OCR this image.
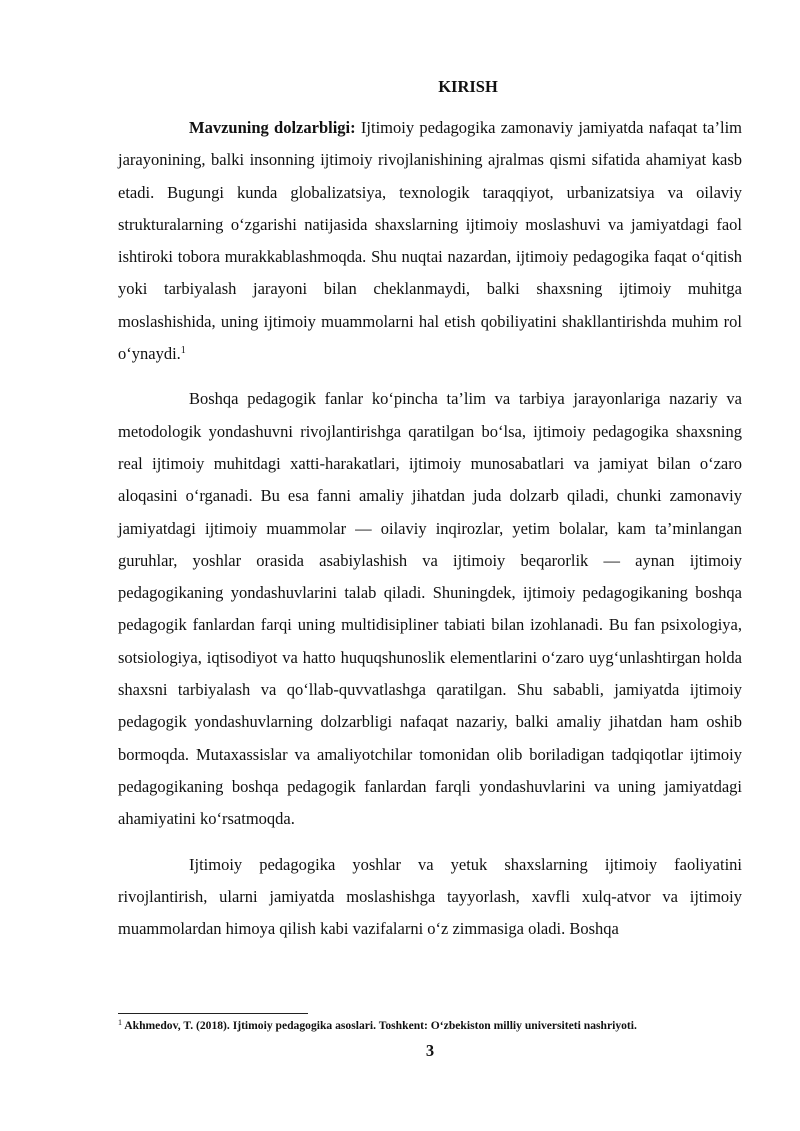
KIRISH

Mavzuning dolzarbligi: Ijtimoiy pedagogika zamonaviy jamiyatda nafaqat ta’lim jarayonining, balki insonning ijtimoiy rivojlanishining ajralmas qismi sifatida ahamiyat kasb etadi. Bugungi kunda globalizatsiya, texnologik taraqqiyot, urbanizatsiya va oilaviy strukturalarning o‘zgarishi natijasida shaxslarning ijtimoiy moslashuvi va jamiyatdagi faol ishtiroki tobora murakkablashmoqda. Shu nuqtai nazardan, ijtimoiy pedagogika faqat o‘qitish yoki tarbiyalash jarayoni bilan cheklanmaydi, balki shaxsning ijtimoiy muhitga moslashishida, uning ijtimoiy muammolarni hal etish qobiliyatini shakllantirishda muhim rol o‘ynaydi.$^1$

Boshqa pedagogik fanlar ko‘pincha ta’lim va tarbiya jarayonlariga nazariy va metodologik yondashuvni rivojlantirishga qaratilgan bo‘lsa, ijtimoiy pedagogika shaxsning real ijtimoiy muhitdagi xatti-harakatlari, ijtimoiy munosabatlari va jamiyat bilan o‘zaro aloqasini o‘rganadi. Bu esa fanni amaliy jihatdan juda dolzarb qiladi, chunki zamonaviy jamiyatdagi ijtimoiy muammolar — oilaviy inqirozlar, yetim bolalar, kam ta’minlangan guruhlar, yoshlar orasida asabiylashish va ijtimoiy beqarorlik — aynan ijtimoiy pedagogikaning yondashuvlarini talab qiladi. Shuningdek, ijtimoiy pedagogikaning boshqa pedagogik fanlardan farqi uning multidisipliner tabiati bilan izohlanadi. Bu fan psixologiya, sotsiologiya, iqtisodiyot va hatto huquqshunoslik elementlarini o‘zaro uyg‘unlashtirgan holda shaxsni tarbiyalash va qo‘llab-quvvatlashga qaratilgan. Shu sababli, jamiyatda ijtimoiy pedagogik yondashuvlarning dolzarbligi nafaqat nazariy, balki amaliy jihatdan ham oshib bormoqda. Mutaxassislar va amaliyotchilar tomonidan olib boriladigan tadqiqotlar ijtimoiy pedagogikaning boshqa pedagogik fanlardan farqli yondashuvlarini va uning jamiyatdagi ahamiyatini ko‘rsatmoqda.

Ijtimoiy pedagogika yoshlar va yetuk shaxslarning ijtimoiy faoliyatini rivojlantirish, ularni jamiyatda moslashishga tayyorlash, xavfli xulq-atvor va ijtimoiy muammolardan himoya qilish kabi vazifalarni o‘z zimmasiga oladi. Boshqa

$^1$ Akhmedov, T. (2018). Ijtimoiy pedagogika asoslari. Toshkent: O‘zbekiston milliy universiteti nashriyoti.
3
